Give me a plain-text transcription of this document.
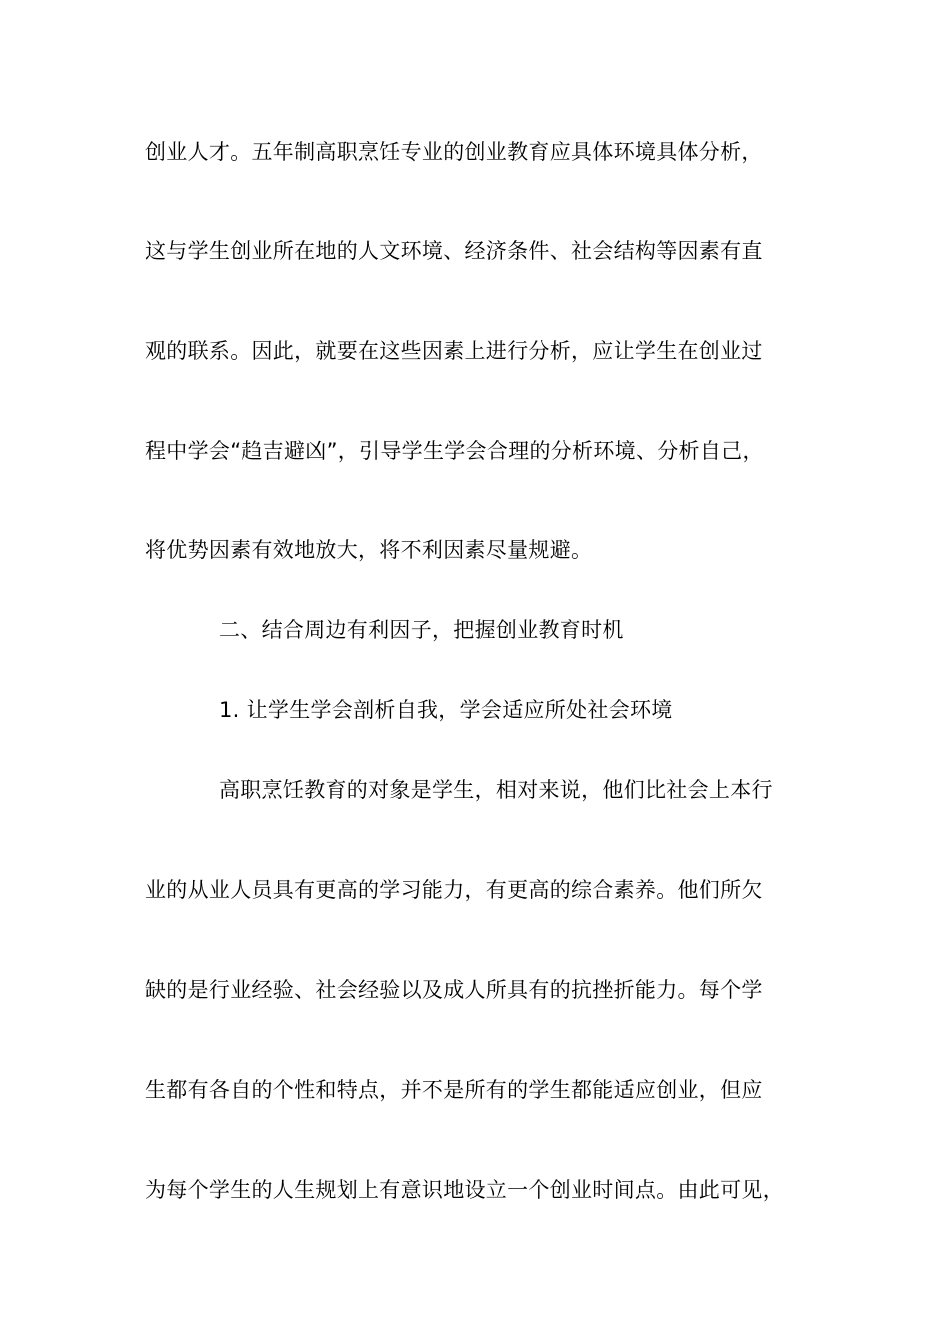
创业人才。五年制高职烹饪专业的创业教育应具体环境具体分析，
这与学生创业所在地的人文环境、经济条件、社会结构等因素有直
观的联系。因此，就要在这些因素上进行分析，应让学生在创业过
程中学会“趋吉避凶”，引导学生学会合理的分析环境、分析自己，
将优势因素有效地放大，将不利因素尽量规避。
二、结合周边有利因子，把握创业教育时机
1. 让学生学会剖析自我，学会适应所处社会环境
高职烹饪教育的对象是学生，相对来说，他们比社会上本行
业的从业人员具有更高的学习能力，有更高的综合素养。他们所欠
缺的是行业经验、社会经验以及成人所具有的抗挫折能力。每个学
生都有各自的个性和特点，并不是所有的学生都能适应创业，但应
为每个学生的人生规划上有意识地设立一个创业时间点。由此可见，
